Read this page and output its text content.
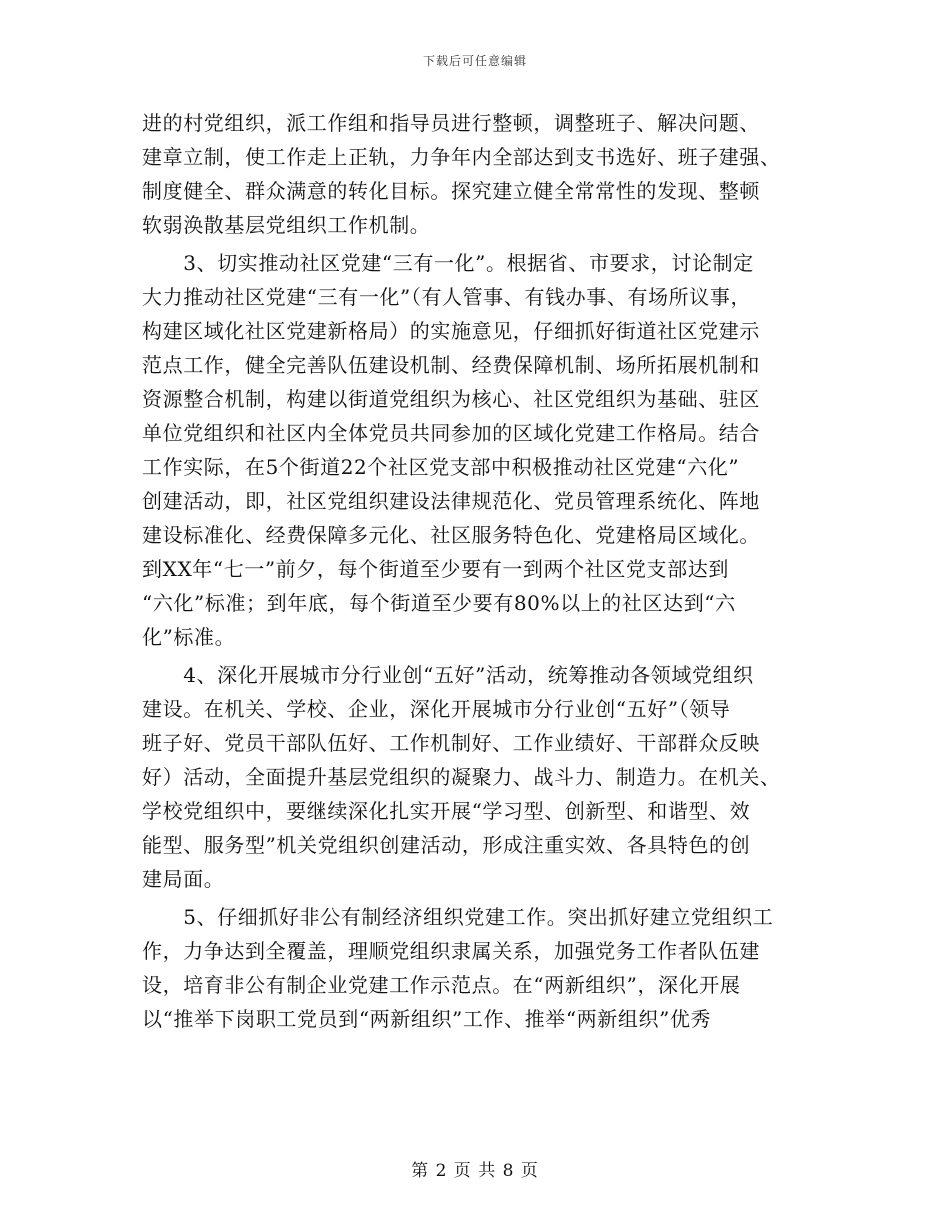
下载后可任意编辑
进的村党组织，派工作组和指导员进行整顿，调整班子、解决问题、
建章立制，使工作走上正轨，力争年内全部达到支书选好、班子建强、
制度健全、群众满意的转化目标。探究建立健全常常性的发现、整顿
软弱涣散基层党组织工作机制。
　　3、切实推动社区党建“三有一化”。根据省、市要求，讨论制定
大力推动社区党建“三有一化”（有人管事、有钱办事、有场所议事，
构建区域化社区党建新格局）的实施意见，仔细抓好街道社区党建示
范点工作，健全完善队伍建设机制、经费保障机制、场所拓展机制和
资源整合机制，构建以街道党组织为核心、社区党组织为基础、驻区
单位党组织和社区内全体党员共同参加的区域化党建工作格局。结合
工作实际，在5个街道22个社区党支部中积极推动社区党建“六化”
创建活动，即，社区党组织建设法律规范化、党员管理系统化、阵地
建设标准化、经费保障多元化、社区服务特色化、党建格局区域化。
到XX年“七一”前夕，每个街道至少要有一到两个社区党支部达到
“六化”标准；到年底，每个街道至少要有80%以上的社区达到“六
化”标准。
　　4、深化开展城市分行业创“五好”活动，统筹推动各领域党组织
建设。在机关、学校、企业，深化开展城市分行业创“五好”（领导
班子好、党员干部队伍好、工作机制好、工作业绩好、干部群众反映
好）活动，全面提升基层党组织的凝聚力、战斗力、制造力。在机关、
学校党组织中，要继续深化扎实开展“学习型、创新型、和谐型、效
能型、服务型”机关党组织创建活动，形成注重实效、各具特色的创
建局面。
　　5、仔细抓好非公有制经济组织党建工作。突出抓好建立党组织工
作，力争达到全覆盖，理顺党组织隶属关系，加强党务工作者队伍建
设，培育非公有制企业党建工作示范点。在“两新组织”，深化开展
以“推举下岗职工党员到“两新组织”工作、推举“两新组织”优秀
第 2 页 共 8 页
